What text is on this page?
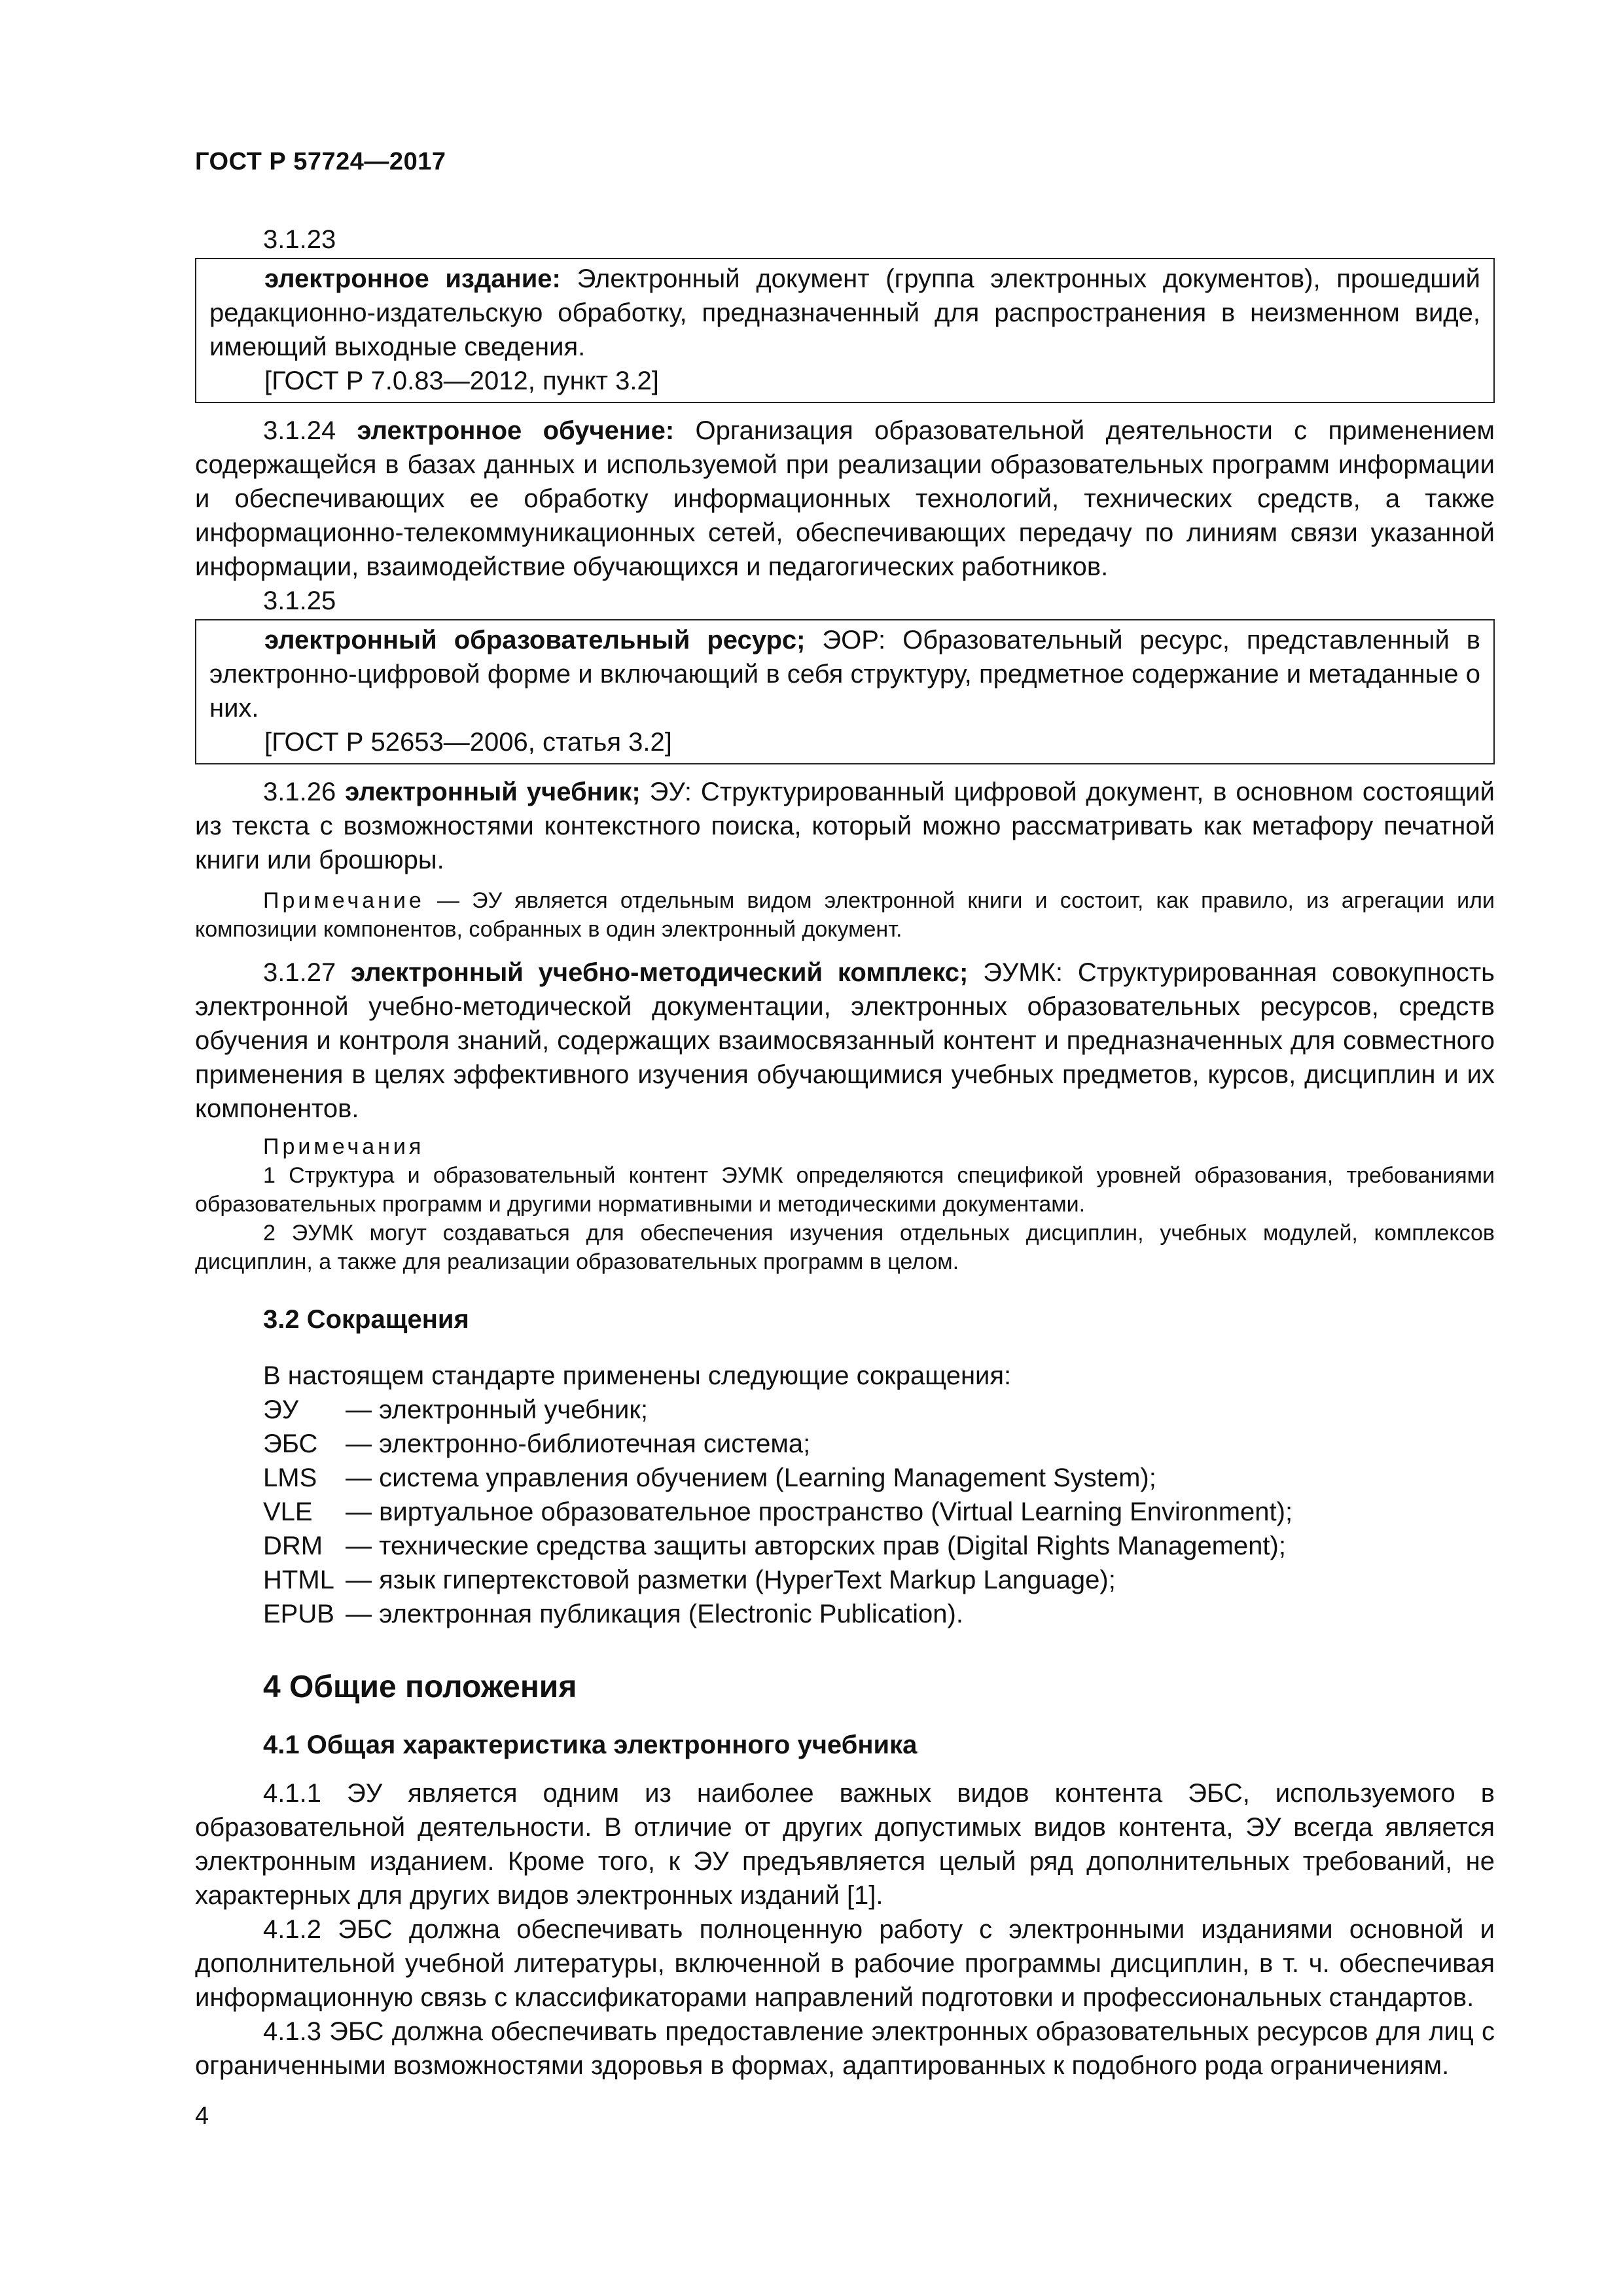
ГОСТ Р 57724—2017

3.1.23

электронное издание: Электронный документ (группа электронных документов), прошедший редакционно-издательскую обработку, предназначенный для распространения в неизменном виде, имеющий выходные сведения.

[ГОСТ Р 7.0.83—2012, пункт 3.2]

3.1.24 электронное обучение: Организация образовательной деятельности с применением содержащейся в базах данных и используемой при реализации образовательных программ информации и обеспечивающих ее обработку информационных технологий, технических средств, а также информационно-телекоммуникационных сетей, обеспечивающих передачу по линиям связи указанной информации, взаимодействие обучающихся и педагогических работников.

3.1.25

электронный образовательный ресурс; ЭОР: Образовательный ресурс, представленный в электронно-цифровой форме и включающий в себя структуру, предметное содержание и метаданные о них.

[ГОСТ Р 52653—2006, статья 3.2]

3.1.26 электронный учебник; ЭУ: Структурированный цифровой документ, в основном состоящий из текста с возможностями контекстного поиска, который можно рассматривать как метафору печатной книги или брошюры.

Примечание — ЭУ является отдельным видом электронной книги и состоит, как правило, из агрегации или композиции компонентов, собранных в один электронный документ.

3.1.27 электронный учебно-методический комплекс; ЭУМК: Структурированная совокупность электронной учебно-методической документации, электронных образовательных ресурсов, средств обучения и контроля знаний, содержащих взаимосвязанный контент и предназначенных для совместного применения в целях эффективного изучения обучающимися учебных предметов, курсов, дисциплин и их компонентов.

Примечания

1 Структура и образовательный контент ЭУМК определяются спецификой уровней образования, требованиями образовательных программ и другими нормативными и методическими документами.

2 ЭУМК могут создаваться для обеспечения изучения отдельных дисциплин, учебных модулей, комплексов дисциплин, а также для реализации образовательных программ в целом.

3.2 Сокращения

В настоящем стандарте применены следующие сокращения:

ЭУ	— электронный учебник;
ЭБС	— электронно-библиотечная система;
LMS	— система управления обучением (Learning Management System);
VLE	— виртуальное образовательное пространство (Virtual Learning Environment);
DRM — технические средства защиты авторских прав (Digital Rights Management);
HTML — язык гипертекстовой разметки (HyperText Markup Language);
EPUB — электронная публикация (Electronic Publication).

4 Общие положения

4.1 Общая характеристика электронного учебника

4.1.1 ЭУ является одним из наиболее важных видов контента ЭБС, используемого в образовательной деятельности. В отличие от других допустимых видов контента, ЭУ всегда является электронным изданием. Кроме того, к ЭУ предъявляется целый ряд дополнительных требований, не характерных для других видов электронных изданий [1].

4.1.2 ЭБС должна обеспечивать полноценную работу с электронными изданиями основной и дополнительной учебной литературы, включенной в рабочие программы дисциплин, в т. ч. обеспечивая информационную связь с классификаторами направлений подготовки и профессиональных стандартов.

4.1.3 ЭБС должна обеспечивать предоставление электронных образовательных ресурсов для лиц с ограниченными возможностями здоровья в формах, адаптированных к подобного рода ограничениям.

4
